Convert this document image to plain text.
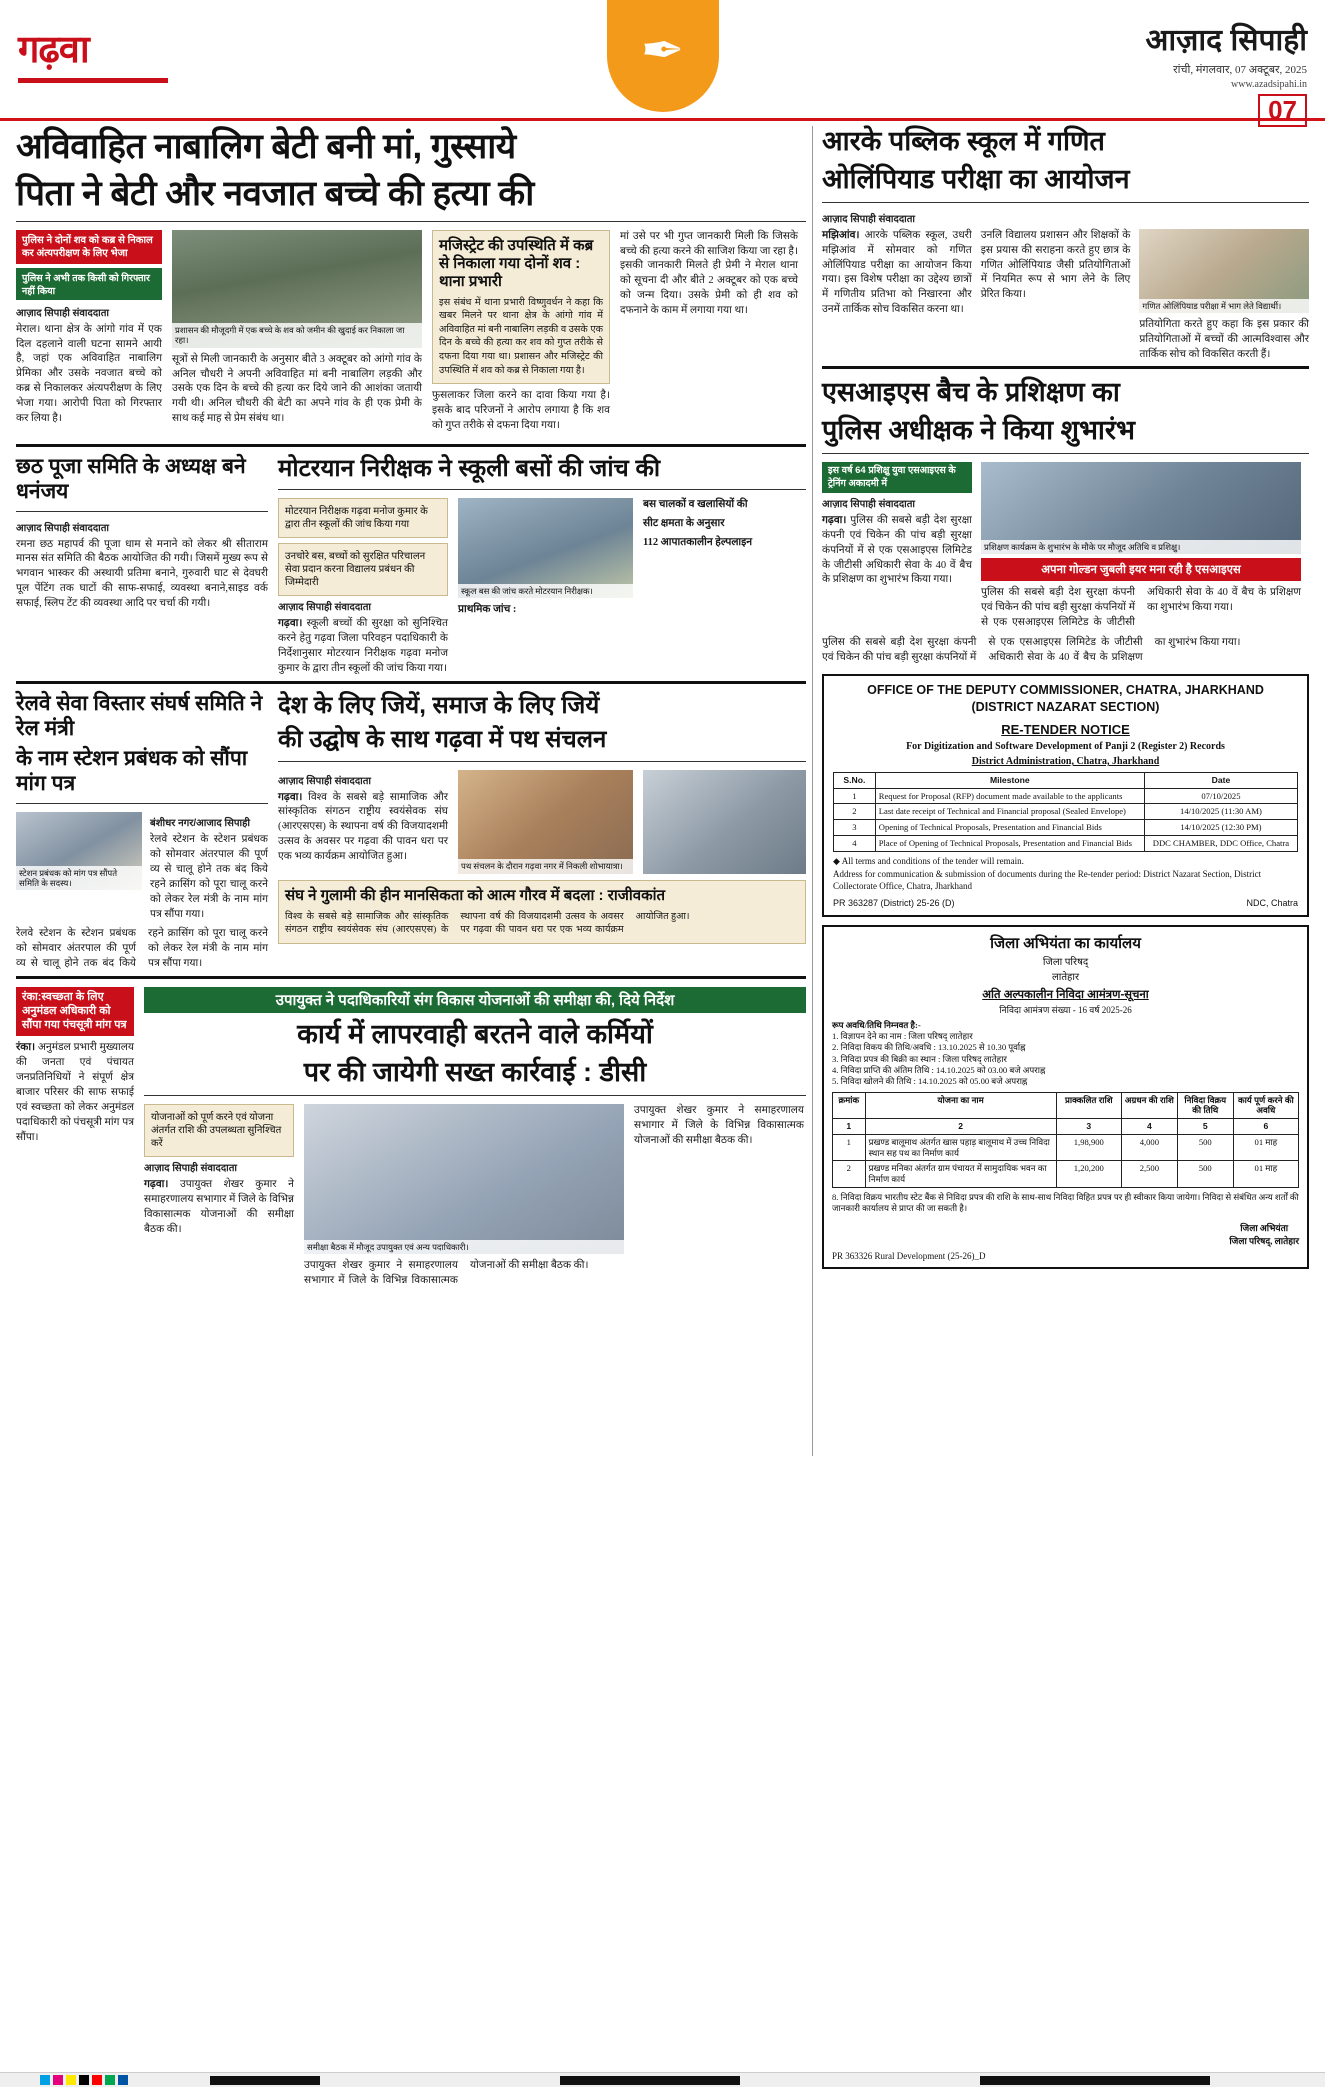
गढ़वा	✒	आज़ाद सिपाही
रांची, मंगलवार, 07 अक्टूबर, 2025
www.azadsipahi.in
07
अविवाहित नाबालिग बेटी बनी मां, गुस्साये
पिता ने बेटी और नवजात बच्चे की हत्या की
पुलिस ने दोनों शव को कब्र से निकाल कर अंत्यपरीक्षण के लिए भेजा
पुलिस ने अभी तक किसी को गिरफ्तार नहीं किया
आज़ाद सिपाही संवाददाता
मेराल। थाना क्षेत्र के आंगो गांव में एक दिल दहलाने वाली घटना सामने आयी है, जहां एक अविवाहित नाबालिग प्रेमिका और उसके नवजात बच्चे को कब्र से निकालकर अंत्यपरीक्षण के लिए भेजा गया। आरोपी पिता को गिरफ्तार कर लिया है।
प्रशासन की मौजूदगी में एक बच्चे के शव को जमीन की खुदाई कर निकाला जा रहा।
सूत्रों से मिली जानकारी के अनुसार बीते 3 अक्टूबर को आंगो गांव के अनिल चौधरी ने अपनी अविवाहित मां बनी नाबालिग लड़की और उसके एक दिन के बच्चे की हत्या कर दिये जाने की आशंका जतायी गयी थी। अनिल चौधरी की बेटी का अपने गांव के ही एक प्रेमी के साथ कई माह से प्रेम संबंध था।
मजिस्ट्रेट की उपस्थिति में कब्र से निकाला गया दोनों शव : थाना प्रभारी
इस संबंध में थाना प्रभारी विष्णुवर्धन ने कहा कि खबर मिलने पर थाना क्षेत्र के आंगो गांव में अविवाहित मां बनी नाबालिग लड़की व उसके एक दिन के बच्चे की हत्या कर शव को गुप्त तरीके से दफना दिया गया था। प्रशासन और मजिस्ट्रेट की उपस्थिति में शव को कब्र से निकाला गया है।
फुसलाकर जिला करने का दावा किया गया है। इसके बाद परिजनों ने आरोप लगाया है कि शव को गुप्त तरीके से दफना दिया गया।
मां उसे पर भी गुप्त जानकारी मिली कि जिसके बच्चे की हत्या करने की साजिश किया जा रहा है। इसकी जानकारी मिलते ही प्रेमी ने मेराल थाना को सूचना दी और बीते 2 अक्टूबर को एक बच्चे को जन्म दिया। उसके प्रेमी को ही शव को दफनाने के काम में लगाया गया था।
छठ पूजा समिति के अध्यक्ष बने धनंजय
आज़ाद सिपाही संवाददाता
रमना छठ महापर्व की पूजा धाम से मनाने को लेकर श्री सीताराम मानस संत समिति की बैठक आयोजित की गयी। जिसमें मुख्य रूप से भगवान भास्कर की अस्थायी प्रतिमा बनाने, गुरुवारी घाट से देवघरी पूल पेंटिंग तक घाटों की साफ-सफाई, व्यवस्था बनाने,साइड वर्क सफाई, स्लिप टेंट की व्यवस्था आदि पर चर्चा की गयी।
मोटरयान निरीक्षक ने स्कूली बसों की जांच की
मोटरयान निरीक्षक गढ़वा मनोज कुमार के द्वारा तीन स्कूलों की जांच किया गया
उनचोरे बस, बच्चों को सुरक्षित परिचालन सेवा प्रदान करना विद्यालय प्रबंधन की जिम्मेदारी
आज़ाद सिपाही संवाददाता
गढ़वा। स्कूली बच्चों की सुरक्षा को सुनिश्चित करने हेतु गढ़वा जिला परिवहन पदाधिकारी के निर्देशानुसार मोटरयान निरीक्षक गढ़वा मनोज कुमार के द्वारा तीन स्कूलों की जांच किया गया।
स्कूल बस की जांच करते मोटरयान निरीक्षक।
प्राथमिक जांच :
बस चालकों व खलासियों की
सीट क्षमता के अनुसार
112 आपातकालीन हेल्पलाइन
रेलवे सेवा विस्तार संघर्ष समिति ने रेल मंत्री
के नाम स्टेशन प्रबंधक को सौंपा मांग पत्र
स्टेशन प्रबंधक को मांग पत्र सौंपते समिति के सदस्य।
बंशीधर नगर/आजाद सिपाही
रेलवे स्टेशन के स्टेशन प्रबंधक को सोमवार अंतरपाल की पूर्ण व्य से चालू होने तक बंद किये रहने क्रासिंग को पूरा चालू करने को लेकर रेल मंत्री के नाम मांग पत्र सौंपा गया।
रेलवे स्टेशन के स्टेशन प्रबंधक को सोमवार अंतरपाल की पूर्ण व्य से चालू होने तक बंद किये रहने क्रासिंग को पूरा चालू करने को लेकर रेल मंत्री के नाम मांग पत्र सौंपा गया।
देश के लिए जियें, समाज के लिए जियें
की उद्घोष के साथ गढ़वा में पथ संचलन
आज़ाद सिपाही संवाददाता
गढ़वा। विश्व के सबसे बड़े सामाजिक और सांस्कृतिक संगठन राष्ट्रीय स्वयंसेवक संघ (आरएसएस) के स्थापना वर्ष की विजयादशमी उत्सव के अवसर पर गढ़वा की पावन धरा पर एक भव्य कार्यक्रम आयोजित हुआ।
पथ संचलन के दौरान गढ़वा नगर में निकली शोभायात्रा।
संघ ने गुलामी की हीन मानसिकता को आत्म गौरव में बदला : राजीवकांत
विश्व के सबसे बड़े सामाजिक और सांस्कृतिक संगठन राष्ट्रीय स्वयंसेवक संघ (आरएसएस) के स्थापना वर्ष की विजयादशमी उत्सव के अवसर पर गढ़वा की पावन धरा पर एक भव्य कार्यक्रम आयोजित हुआ।
रंका:स्वच्छता के लिए अनुमंडल अधिकारी को सौंपा गया पंचसूत्री मांग पत्र
रंका। अनुमंडल प्रभारी मुख्यालय की जनता एवं पंचायत जनप्रतिनिधियों ने संपूर्ण क्षेत्र बाजार परिसर की साफ सफाई एवं स्वच्छता को लेकर अनुमंडल पदाधिकारी को पंचसूत्री मांग पत्र सौंपा।
उपायुक्त ने पदाधिकारियों संग विकास योजनाओं की समीक्षा की, दिये निर्देश
कार्य में लापरवाही बरतने वाले कर्मियों
पर की जायेगी सख्त कार्रवाई : डीसी
योजनाओं को पूर्ण करने एवं योजना अंतर्गत राशि की उपलब्धता सुनिश्चित करें
आज़ाद सिपाही संवाददाता
गढ़वा। उपायुक्त शेखर कुमार ने समाहरणालय सभागार में जिले के विभिन्न विकासात्मक योजनाओं की समीक्षा बैठक की।
समीक्षा बैठक में मौजूद उपायुक्त एवं अन्य पदाधिकारी।
उपायुक्त शेखर कुमार ने समाहरणालय सभागार में जिले के विभिन्न विकासात्मक योजनाओं की समीक्षा बैठक की।
उपायुक्त शेखर कुमार ने समाहरणालय सभागार में जिले के विभिन्न विकासात्मक योजनाओं की समीक्षा बैठक की।
आरके पब्लिक स्कूल में गणित
ओलिंपियाड परीक्षा का आयोजन
आज़ाद सिपाही संवाददाता
मझिआंव। आरके पब्लिक स्कूल, उधरी मझिआंव में सोमवार को गणित ओलिंपियाड परीक्षा का आयोजन किया गया। इस विशेष परीक्षा का उद्देश्य छात्रों में गणितीय प्रतिभा को निखारना और उनमें तार्किक सोच विकसित करना था।
उनलि विद्यालय प्रशासन और शिक्षकों के इस प्रयास की सराहना करते हुए छात्र के गणित ओलिंपियाड जैसी प्रतियोगिताओं में नियमित रूप से भाग लेने के लिए प्रेरित किया।
गणित ओलिंपियाड परीक्षा में भाग लेते विद्यार्थी।
प्रतियोगिता करते हुए कहा कि इस प्रकार की प्रतियोगिताओं में बच्चों की आत्मविश्वास और तार्किक सोच को विकसित करती हैं।
एसआइएस बैच के प्रशिक्षण का
पुलिस अधीक्षक ने किया शुभारंभ
इस वर्ष 64 प्रशिक्षु युवा एसआइएस के ट्रेनिंग अकादमी में
आज़ाद सिपाही संवाददाता
गढ़वा। पुलिस की सबसे बड़ी देश सुरक्षा कंपनी एवं चिकेन की पांच बड़ी सुरक्षा कंपनियों में से एक एसआइएस लिमिटेड के जीटीसी अधिकारी सेवा के 40 वें बैच के प्रशिक्षण का शुभारंभ किया गया।
प्रशिक्षण कार्यक्रम के शुभारंभ के मौके पर मौजूद अतिथि व प्रशिक्षु।
अपना गोल्डन जुबली इयर मना रही है एसआइएस
पुलिस की सबसे बड़ी देश सुरक्षा कंपनी एवं चिकेन की पांच बड़ी सुरक्षा कंपनियों में से एक एसआइएस लिमिटेड के जीटीसी अधिकारी सेवा के 40 वें बैच के प्रशिक्षण का शुभारंभ किया गया।
पुलिस की सबसे बड़ी देश सुरक्षा कंपनी एवं चिकेन की पांच बड़ी सुरक्षा कंपनियों में से एक एसआइएस लिमिटेड के जीटीसी अधिकारी सेवा के 40 वें बैच के प्रशिक्षण का शुभारंभ किया गया।
OFFICE OF THE DEPUTY COMMISSIONER, CHATRA, JHARKHAND
(DISTRICT NAZARAT SECTION)
RE-TENDER NOTICE

For Digitization and Software Development of Panji 2 (Register 2) Records

District Administration, Chatra, Jharkhand

S.No.	Milestone	Date
1	Request for Proposal (RFP) document made available to the applicants	07/10/2025
2	Last date receipt of Technical and Financial proposal (Sealed Envelope)	14/10/2025 (11:30 AM)
3	Opening of Technical Proposals, Presentation and Financial Bids	14/10/2025 (12:30 PM)
4	Place of Opening of Technical Proposals, Presentation and Financial Bids	DDC CHAMBER, DDC Office, Chatra

◆ All terms and conditions of the tender will remain.

Address for communication & submission of documents during the Re-tender period: District Nazarat Section, District Collectorate Office, Chatra, Jharkhand

PR 363287 (District) 25-26 (D)	NDC, Chatra
जिला अभियंता का कार्यालय
जिला परिषद्
लातेहार
अति अल्पकालीन निविदा आमंत्रण-सूचना
निविदा आमंत्रण संख्या - 16 वर्ष 2025-26
रूप अवधि/तिथि निम्नवत है:-
1. विज्ञापन देने का नाम : जिला परिषद् लातेहार
2. निविदा विकय की तिथि/अवधि : 13.10.2025 से 10.30 पूर्वाह्न
3. निविदा प्रपत्र की बिक्री का स्थान : जिला परिषद् लातेहार
4. निविदा प्राप्ति की अंतिम तिथि : 14.10.2025 को 03.00 बजे अपराह्न
5. निविदा खोलने की तिथि : 14.10.2025 को 05.00 बजे अपराह्न
क्रमांक	योजना का नाम	प्राक्कलित राशि	अग्रधन की राशि	निविदा विक्रय की तिथि	कार्य पूर्ण करने की अवधि
1	2	3	4	5	6
1	प्रखण्ड बालूमाथ अंतर्गत खास पहाड़ बालूमाथ में उच्च निविदा स्थान सह पथ का निर्माण कार्य	1,98,900	4,000	500	01 माह
2	प्रखण्ड मनिका अंतर्गत ग्राम पंचायत में सामुदायिक भवन का निर्माण कार्य	1,20,200	2,500	500	01 माह
8. निविदा विक्रय भारतीय स्टेट बैंक से निविदा प्रपत्र की राशि के साथ-साथ निविदा विहित प्रपत्र पर ही स्वीकार किया जायेगा। निविदा से संबंधित अन्य शर्तों की जानकारी कार्यालय से प्राप्त की जा सकती है।
जिला अभियंता
जिला परिषद्, लातेहार
PR 363326 Rural Development (25-26)_D
